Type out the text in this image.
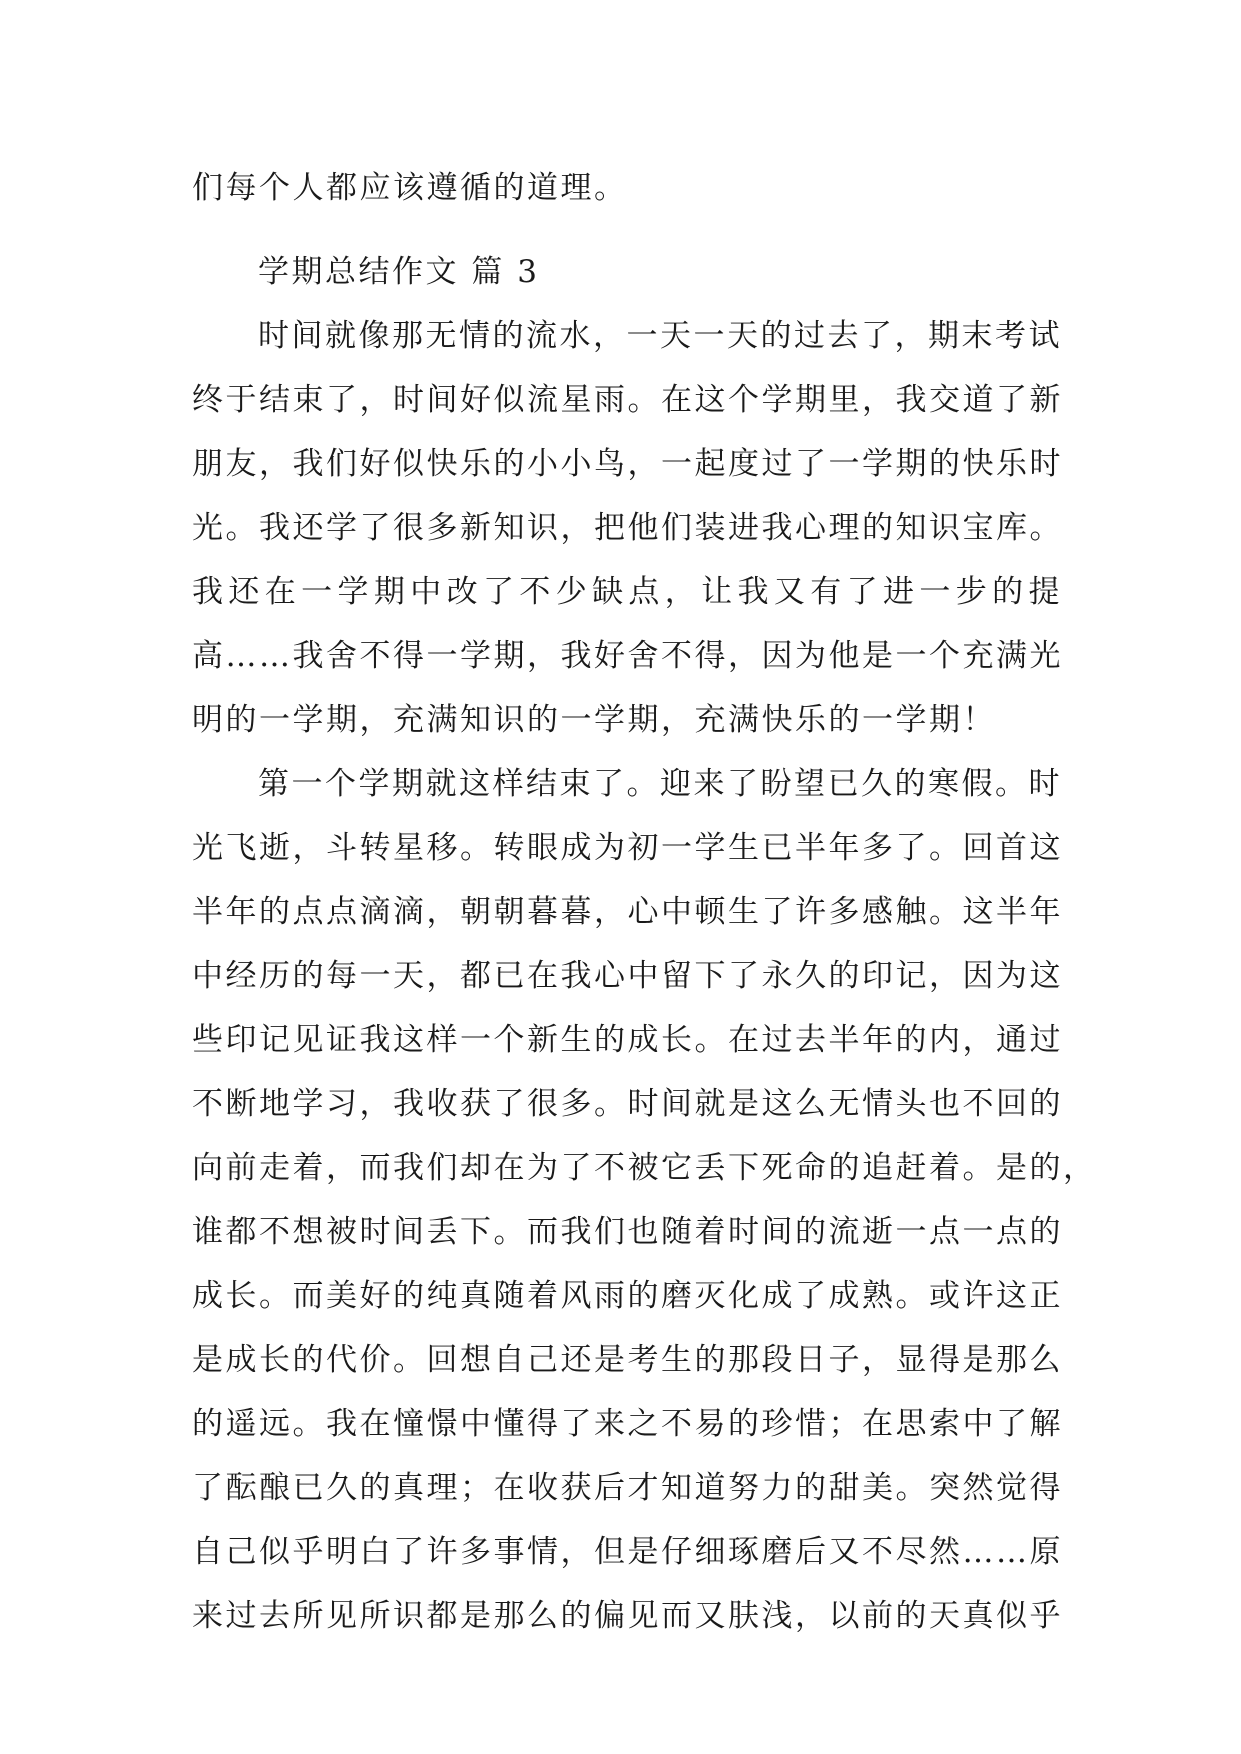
们每个人都应该遵循的道理。
学期总结作文 篇 3
时间就像那无情的流水，一天一天的过去了，期末考试
终于结束了，时间好似流星雨。在这个学期里，我交道了新
朋友，我们好似快乐的小小鸟，一起度过了一学期的快乐时
光。我还学了很多新知识，把他们装进我心理的知识宝库。
我还在一学期中改了不少缺点，让我又有了进一步的提
高……我舍不得一学期，我好舍不得，因为他是一个充满光
明的一学期，充满知识的一学期，充满快乐的一学期！
第一个学期就这样结束了。迎来了盼望已久的寒假。时
光飞逝，斗转星移。转眼成为初一学生已半年多了。回首这
半年的点点滴滴，朝朝暮暮，心中顿生了许多感触。这半年
中经历的每一天，都已在我心中留下了永久的印记，因为这
些印记见证我这样一个新生的成长。在过去半年的内，通过
不断地学习，我收获了很多。时间就是这么无情头也不回的
向前走着，而我们却在为了不被它丢下死命的追赶着。是的，
谁都不想被时间丢下。而我们也随着时间的流逝一点一点的
成长。而美好的纯真随着风雨的磨灭化成了成熟。或许这正
是成长的代价。回想自己还是考生的那段日子，显得是那么
的遥远。我在憧憬中懂得了来之不易的珍惜；在思索中了解
了酝酿已久的真理；在收获后才知道努力的甜美。突然觉得
自己似乎明白了许多事情，但是仔细琢磨后又不尽然……原
来过去所见所识都是那么的偏见而又肤浅，以前的天真似乎
